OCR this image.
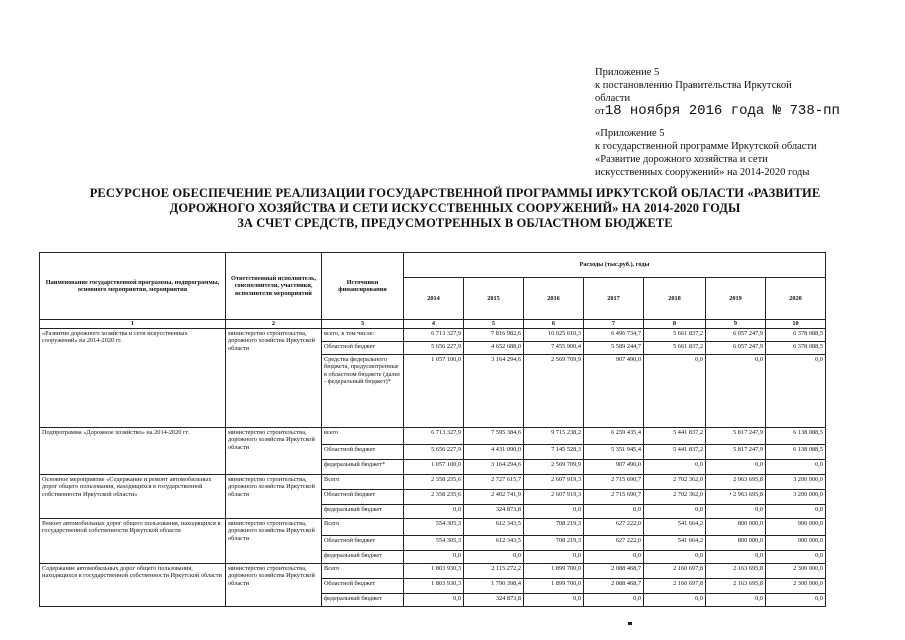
Приложение 5
к постановлению Правительства Иркутской
области
от18 ноября 2016 года № 738-пп
«Приложение 5
к государственной программе Иркутской области
«Развитие дорожного хозяйства и сети
искусственных сооружений» на 2014-2020 годы
РЕСУРСНОЕ ОБЕСПЕЧЕНИЕ РЕАЛИЗАЦИИ ГОСУДАРСТВЕННОЙ ПРОГРАММЫ ИРКУТСКОЙ ОБЛАСТИ «РАЗВИТИЕ
ДОРОЖНОГО ХОЗЯЙСТВА И СЕТИ ИСКУССТВЕННЫХ СООРУЖЕНИЙ» НА 2014-2020 ГОДЫ
ЗА СЧЕТ СРЕДСТВ, ПРЕДУСМОТРЕННЫХ В ОБЛАСТНОМ БЮДЖЕТЕ
Наименование государственной программы, подпрограммы, основного мероприятия, мероприятия	Ответственный исполнитель, соисполнители, участники, исполнители мероприятий	Источники финансирования	Расходы (тыс.руб.), годы						
			2014	2015	2016	2017	2018	2019	2020
1	2	3	4	5	6	7	8	9	10
«Развитие дорожного хозяйства и сети искусственных сооружений» на 2014-2020 гг.	министерство строительства, дорожного хозяйства Иркутской области	всего, в том числе:	6 713 327,9	7 816 982,6	10 025 610,3	6 496 734,7	5 661 837,2	6 057 247,9	6 378 088,5
		Областной бюджет	5 656 227,9	4 652 688,0	7 455 900,4	5 589 244,7	5 661 837,2	6 057 247,9	6 378 088,5
		Средства федерального бюджета, предусмотренные в областном бюджете (далее - федеральный бюджет)*	1 057 100,0	3 164 294,6	2 569 709,9	907 490,0	0,0	0,0	0,0
Подпрограмма «Дорожное хозяйство» на 2014-2020 гг.	министерство строительства, дорожного хозяйства Иркутской области	всего	6 713 327,9	7 595 384,6	9 715 238,2	6 259 435,4	5 441 837,2	5 817 247,9	6 138 088,5
		Областной бюджет	5 656 227,9	4 431 090,0	7 145 528,3	5 351 945,4	5 441 837,2	5 817 247,9	6 138 088,5
		федеральный бюджет*	1 057 100,0	3 164 294,6	2 569 709,9	907 490,0	0,0	0,0	0,0
Основное мероприятие «Содержание и ремонт автомобильных дорог общего пользования, находящихся в государственной собственности Иркутской области»	министерство строительства, дорожного хозяйства Иркутской области	Всего	2 358 235,6	2 727 615,7	2 607 919,3	2 715 690,7	2 702 362,0	2 963 695,8	3 200 000,0
		Областной бюджет	2 358 235,6	2 402 741,9	2 607 919,3	2 715 690,7	2 702 362,0	• 2 963 695,8	3 200 000,0
		федеральный бюджет	0,0	324 873,8	0,0	0,0	0,0	0,0	0,0
Ремонт автомобильных дорог общего пользования, находящихся в государственной собственности Иркутской области	министерство строительства, дорожного хозяйства Иркутской области	Всего	554 305,3	612 343,5	708 219,3	627 222,0	541 664,2	800 000,0	900 000,0
		Областной бюджет	554 305,3	612 343,5	708 219,3	627 222,0	541 664,2	800 000,0	900 000,0
		федеральный бюджет	0,0	0,0	0,0	0,0	0,0	0,0	0,0
Содержание автомобильных дорог общего пользования, находящихся в государственной собственности Иркутской области	министерство строительства, дорожного хозяйства Иркутской области	Всего	1 803 930,3	2 115 272,2	1 899 700,0	2 088 468,7	2 160 697,8	2 163 695,8	2 300 000,0
		Областной бюджет	1 803 930,3	1 790 398,4	1 899 700,0	2 088 468,7	2 160 697,8	2 163 695,8	2 300 000,0
		федеральный бюджет	0,0	324 873,8	0,0	0,0	0,0	0,0	0,0
